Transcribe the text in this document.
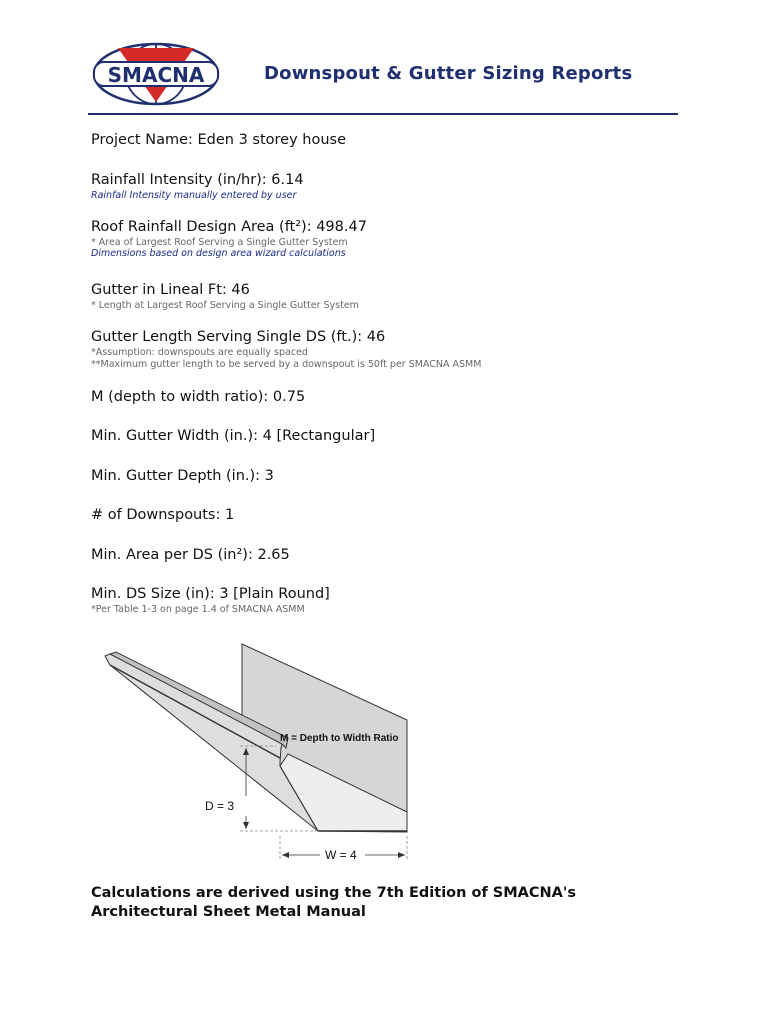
SMACNA	Downspout & Gutter Sizing Reports
Project Name: Eden 3 storey house
Rainfall Intensity (in/hr): 6.14
Rainfall Intensity manually entered by user
Roof Rainfall Design Area (ft²): 498.47
* Area of Largest Roof Serving a Single Gutter System
Dimensions based on design area wizard calculations
Gutter in Lineal Ft: 46
* Length at Largest Roof Serving a Single Gutter System
Gutter Length Serving Single DS (ft.): 46
*Assumption: downspouts are equally spaced
**Maximum gutter length to be served by a downspout is 50ft per SMACNA ASMM
M (depth to width ratio): 0.75
Min. Gutter Width (in.): 4 [Rectangular]
Min. Gutter Depth (in.): 3
# of Downspouts: 1
Min. Area per DS (in²): 2.65
Min. DS Size (in): 3 [Plain Round]
*Per Table 1-3 on page 1.4 of SMACNA ASMM
D = 3
W = 4
M = Depth to Width Ratio
Calculations are derived using the 7th Edition of SMACNA's
Architectural Sheet Metal Manual
